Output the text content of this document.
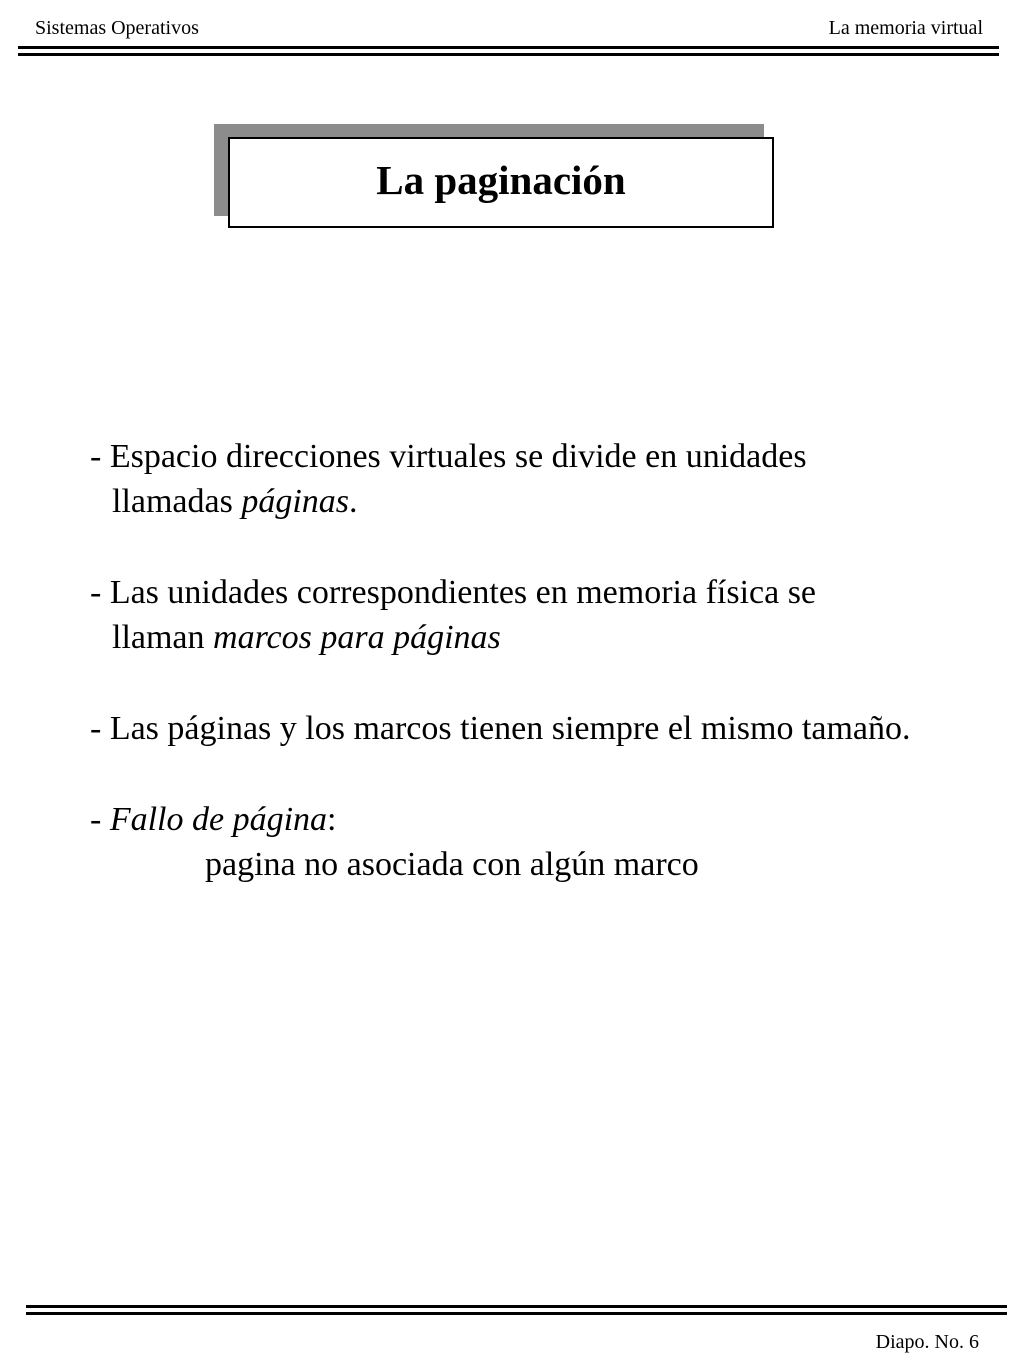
Sistemas Operativos	La memoria virtual
La paginación
- Espacio direcciones virtuales se divide en unidades
llamadas páginas.
- Las unidades correspondientes en memoria física se
llaman marcos para páginas
- Las páginas y los marcos tienen siempre el mismo tamaño.
- Fallo de página:
pagina no asociada con algún marco
Diapo. No. 6
